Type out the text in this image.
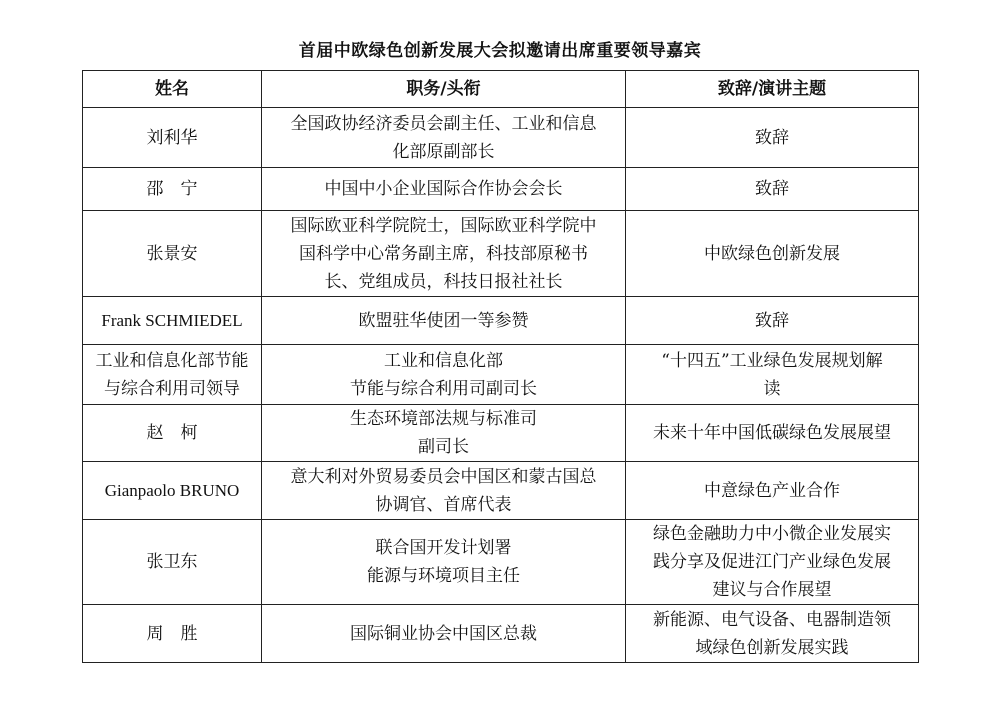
首届中欧绿色创新发展大会拟邀请出席重要领导嘉宾
姓名	职务/头衔	致辞/演讲主题

刘利华	全国政协经济委员会副主任、工业和信息
化部原副部长	致辞

邵　宁	中国中小企业国际合作协会会长	致辞

张景安	国际欧亚科学院院士，国际欧亚科学院中
国科学中心常务副主席，科技部原秘书
长、党组成员，科技日报社社长	中欧绿色创新发展

Frank SCHMIEDEL	欧盟驻华使团一等参赞	致辞

工业和信息化部节能
与综合利用司领导	工业和信息化部
节能与综合利用司副司长	“十四五”工业绿色发展规划解
读

赵　柯	生态环境部法规与标准司
副司长	未来十年中国低碳绿色发展展望

Gianpaolo BRUNO	意大利对外贸易委员会中国区和蒙古国总
协调官、首席代表	中意绿色产业合作

张卫东	联合国开发计划署
能源与环境项目主任	绿色金融助力中小微企业发展实
践分享及促进江门产业绿色发展
建议与合作展望

周　胜	国际铜业协会中国区总裁	新能源、电气设备、电器制造领
域绿色创新发展实践
